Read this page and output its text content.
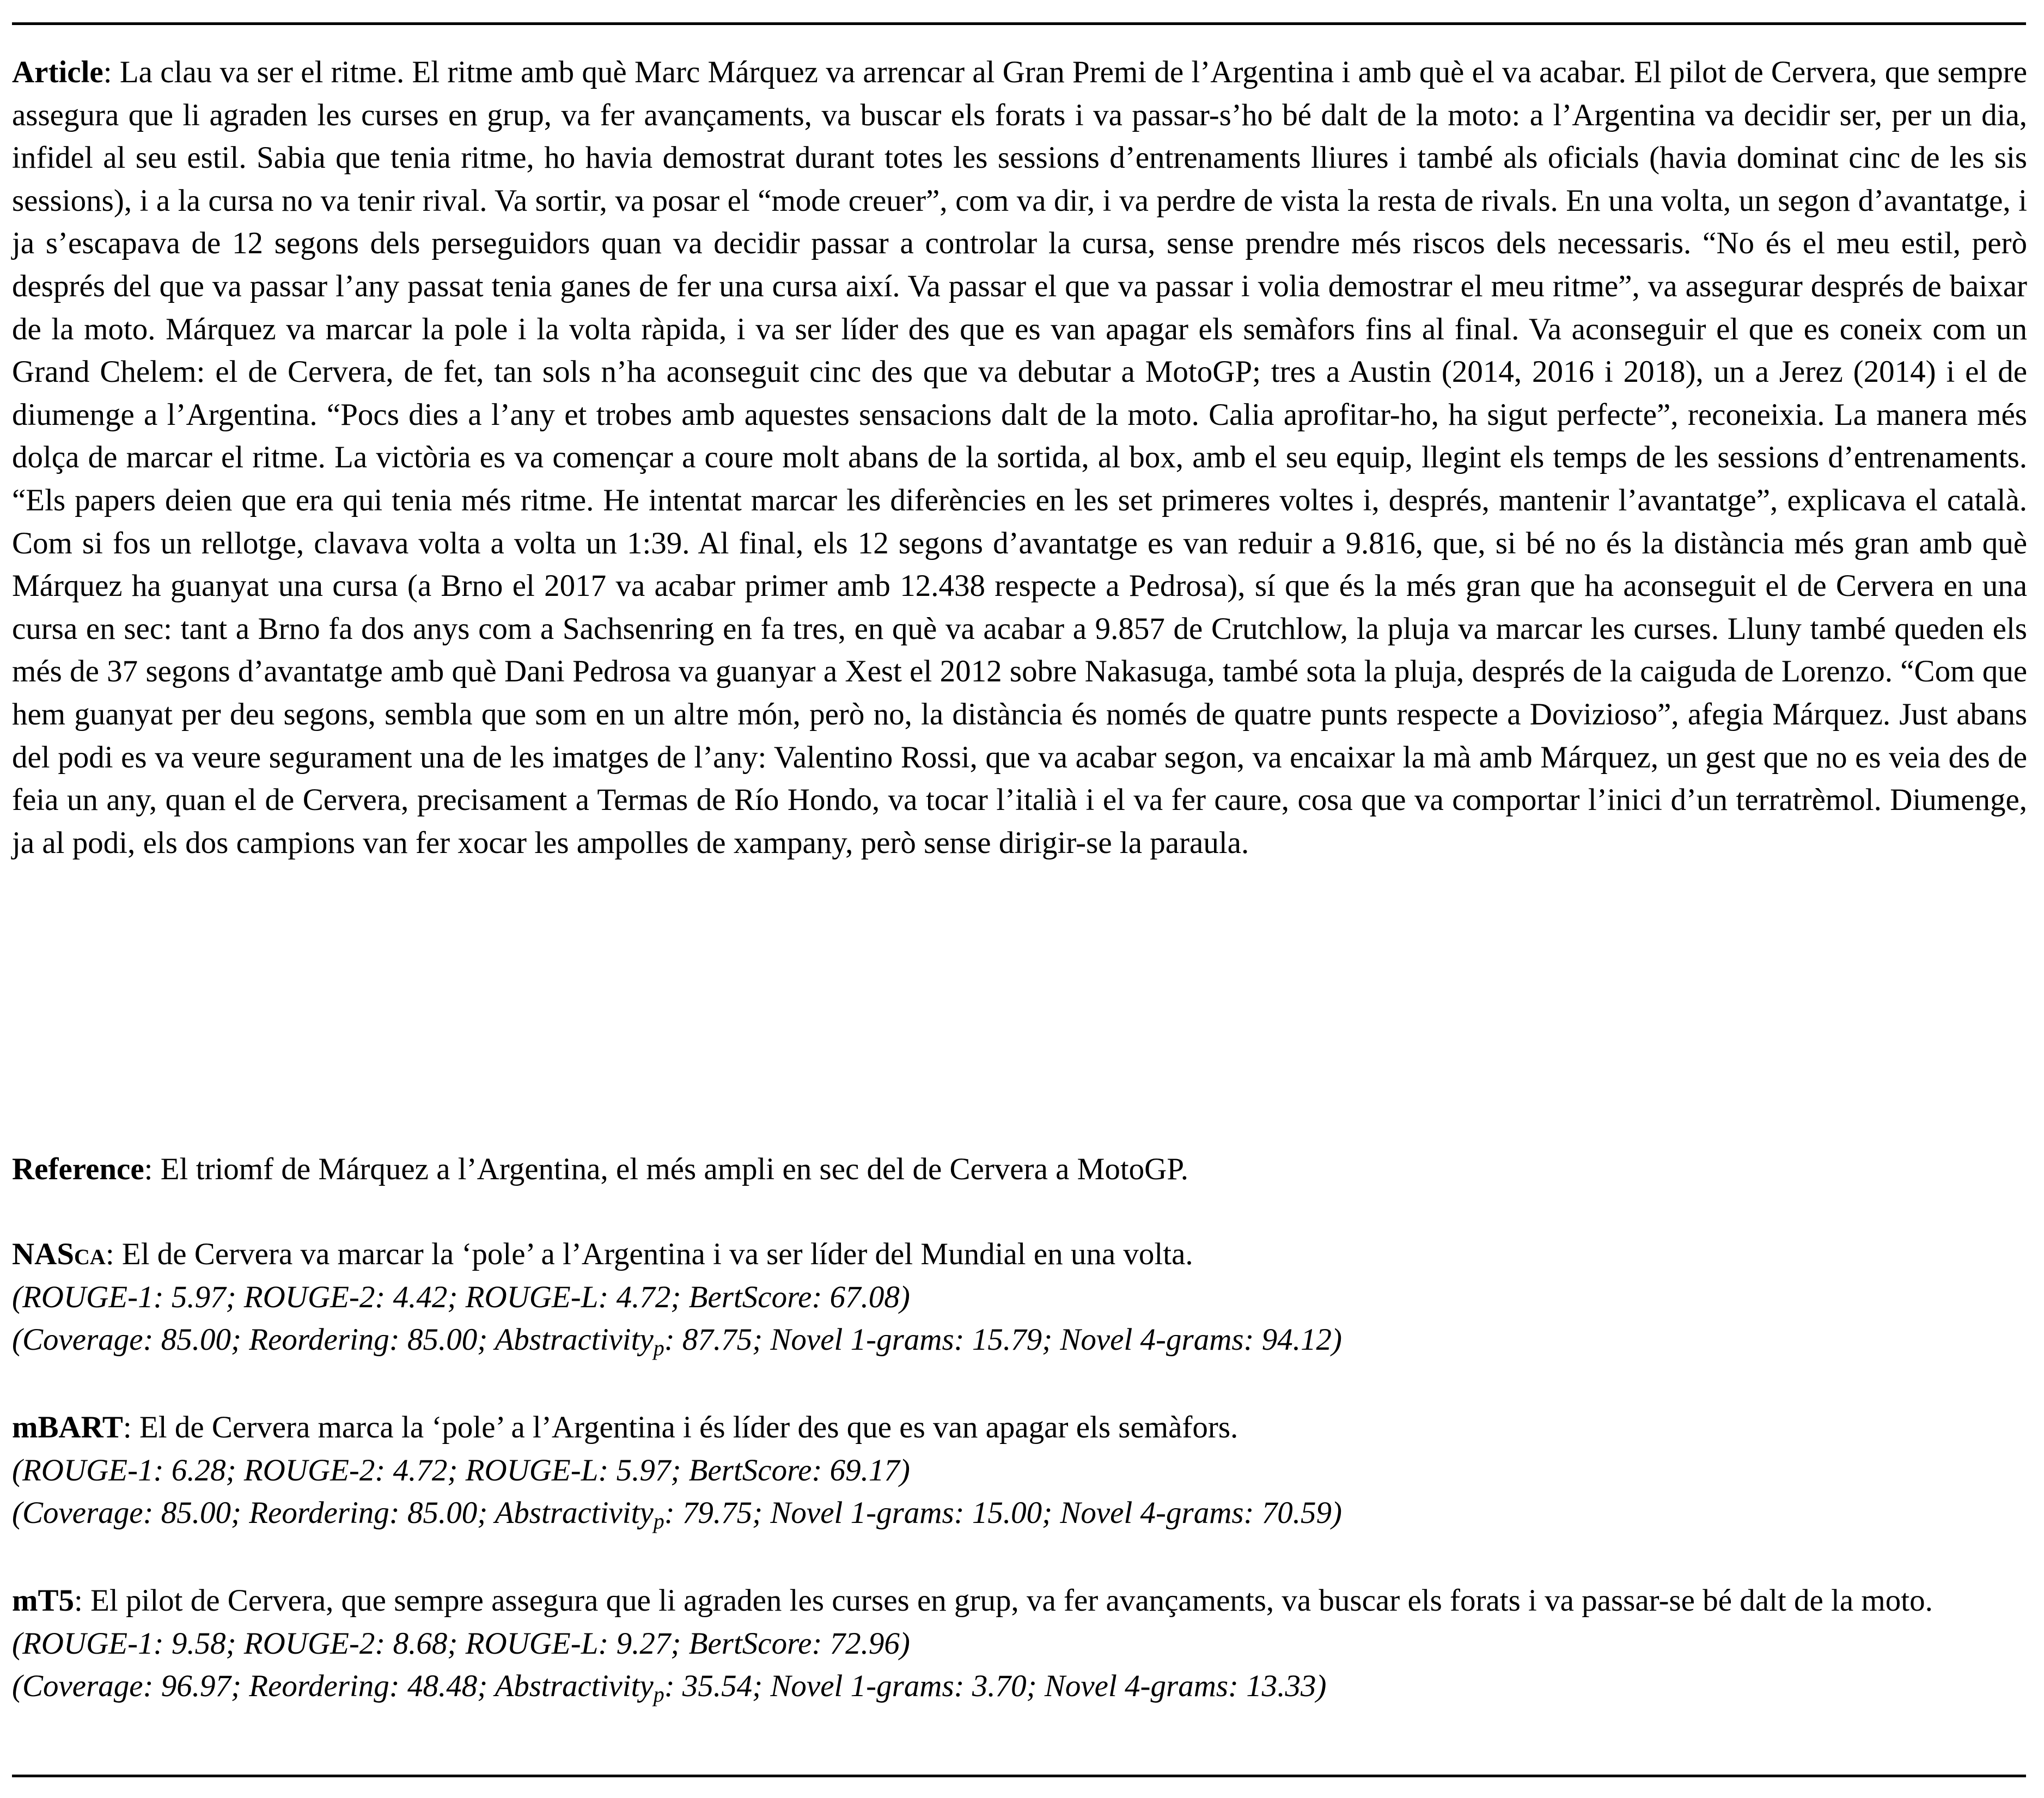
Article: La clau va ser el ritme. El ritme amb què Marc Márquez va arrencar al Gran Premi de l’Argentina i amb què el va acabar. El pilot de Cervera, que sempre assegura que li agraden les curses en grup, va fer avançaments, va buscar els forats i va passar-s’ho bé dalt de la moto: a l’Argentina va decidir ser, per un dia, infidel al seu estil. Sabia que tenia ritme, ho havia demostrat durant totes les sessions d’entrenaments lliures i també als oficials (havia dominat cinc de les sis sessions), i a la cursa no va tenir rival. Va sortir, va posar el “mode creuer”, com va dir, i va perdre de vista la resta de rivals. En una volta, un segon d’avantatge, i ja s’escapava de 12 segons dels perseguidors quan va decidir passar a controlar la cursa, sense prendre més riscos dels necessaris. “No és el meu estil, però després del que va passar l’any passat tenia ganes de fer una cursa així. Va passar el que va passar i volia demostrar el meu ritme”, va assegurar després de baixar de la moto. Márquez va marcar la pole i la volta ràpida, i va ser líder des que es van apagar els semàfors fins al final. Va aconseguir el que es coneix com un Grand Chelem: el de Cervera, de fet, tan sols n’ha aconseguit cinc des que va debutar a MotoGP; tres a Austin (2014, 2016 i 2018), un a Jerez (2014) i el de diumenge a l’Argentina. “Pocs dies a l’any et trobes amb aquestes sensacions dalt de la moto. Calia aprofitar-ho, ha sigut perfecte”, reconeixia. La manera més dolça de marcar el ritme. La victòria es va començar a coure molt abans de la sortida, al box, amb el seu equip, llegint els temps de les sessions d’entrenaments. “Els papers deien que era qui tenia més ritme. He intentat marcar les diferències en les set primeres voltes i, després, mantenir l’avantatge”, explicava el català. Com si fos un rellotge, clavava volta a volta un 1:39. Al final, els 12 segons d’avantatge es van reduir a 9.816, que, si bé no és la distància més gran amb què Márquez ha guanyat una cursa (a Brno el 2017 va acabar primer amb 12.438 respecte a Pedrosa), sí que és la més gran que ha aconseguit el de Cervera en una cursa en sec: tant a Brno fa dos anys com a Sachsenring en fa tres, en què va acabar a 9.857 de Crutchlow, la pluja va marcar les curses. Lluny també queden els més de 37 segons d’avantatge amb què Dani Pedrosa va guanyar a Xest el 2012 sobre Nakasuga, també sota la pluja, després de la caiguda de Lorenzo. “Com que hem guanyat per deu segons, sembla que som en un altre món, però no, la distància és només de quatre punts respecte a Dovizioso”, afegia Márquez. Just abans del podi es va veure segurament una de les imatges de l’any: Valentino Rossi, que va acabar segon, va encaixar la mà amb Márquez, un gest que no es veia des de feia un any, quan el de Cervera, precisament a Termas de Río Hondo, va tocar l’italià i el va fer caure, cosa que va comportar l’inici d’un terratrèmol. Diumenge, ja al podi, els dos campions van fer xocar les ampolles de xampany, però sense dirigir-se la paraula.
Reference: El triomf de Márquez a l’Argentina, el més ampli en sec del de Cervera a MotoGP.
NASca: El de Cervera va marcar la ‘pole’ a l’Argentina i va ser líder del Mundial en una volta.
(ROUGE-1: 5.97; ROUGE-2: 4.42; ROUGE-L: 4.72; BertScore: 67.08)
(Coverage: 85.00; Reordering: 85.00; Abstractivity$_p$: 87.75; Novel 1-grams: 15.79; Novel 4-grams: 94.12)
mBART: El de Cervera marca la ‘pole’ a l’Argentina i és líder des que es van apagar els semàfors.
(ROUGE-1: 6.28; ROUGE-2: 4.72; ROUGE-L: 5.97; BertScore: 69.17)
(Coverage: 85.00; Reordering: 85.00; Abstractivity$_p$: 79.75; Novel 1-grams: 15.00; Novel 4-grams: 70.59)
mT5: El pilot de Cervera, que sempre assegura que li agraden les curses en grup, va fer avançaments, va buscar els forats i va passar-se bé dalt de la moto.
(ROUGE-1: 9.58; ROUGE-2: 8.68; ROUGE-L: 9.27; BertScore: 72.96)
(Coverage: 96.97; Reordering: 48.48; Abstractivity$_p$: 35.54; Novel 1-grams: 3.70; Novel 4-grams: 13.33)
